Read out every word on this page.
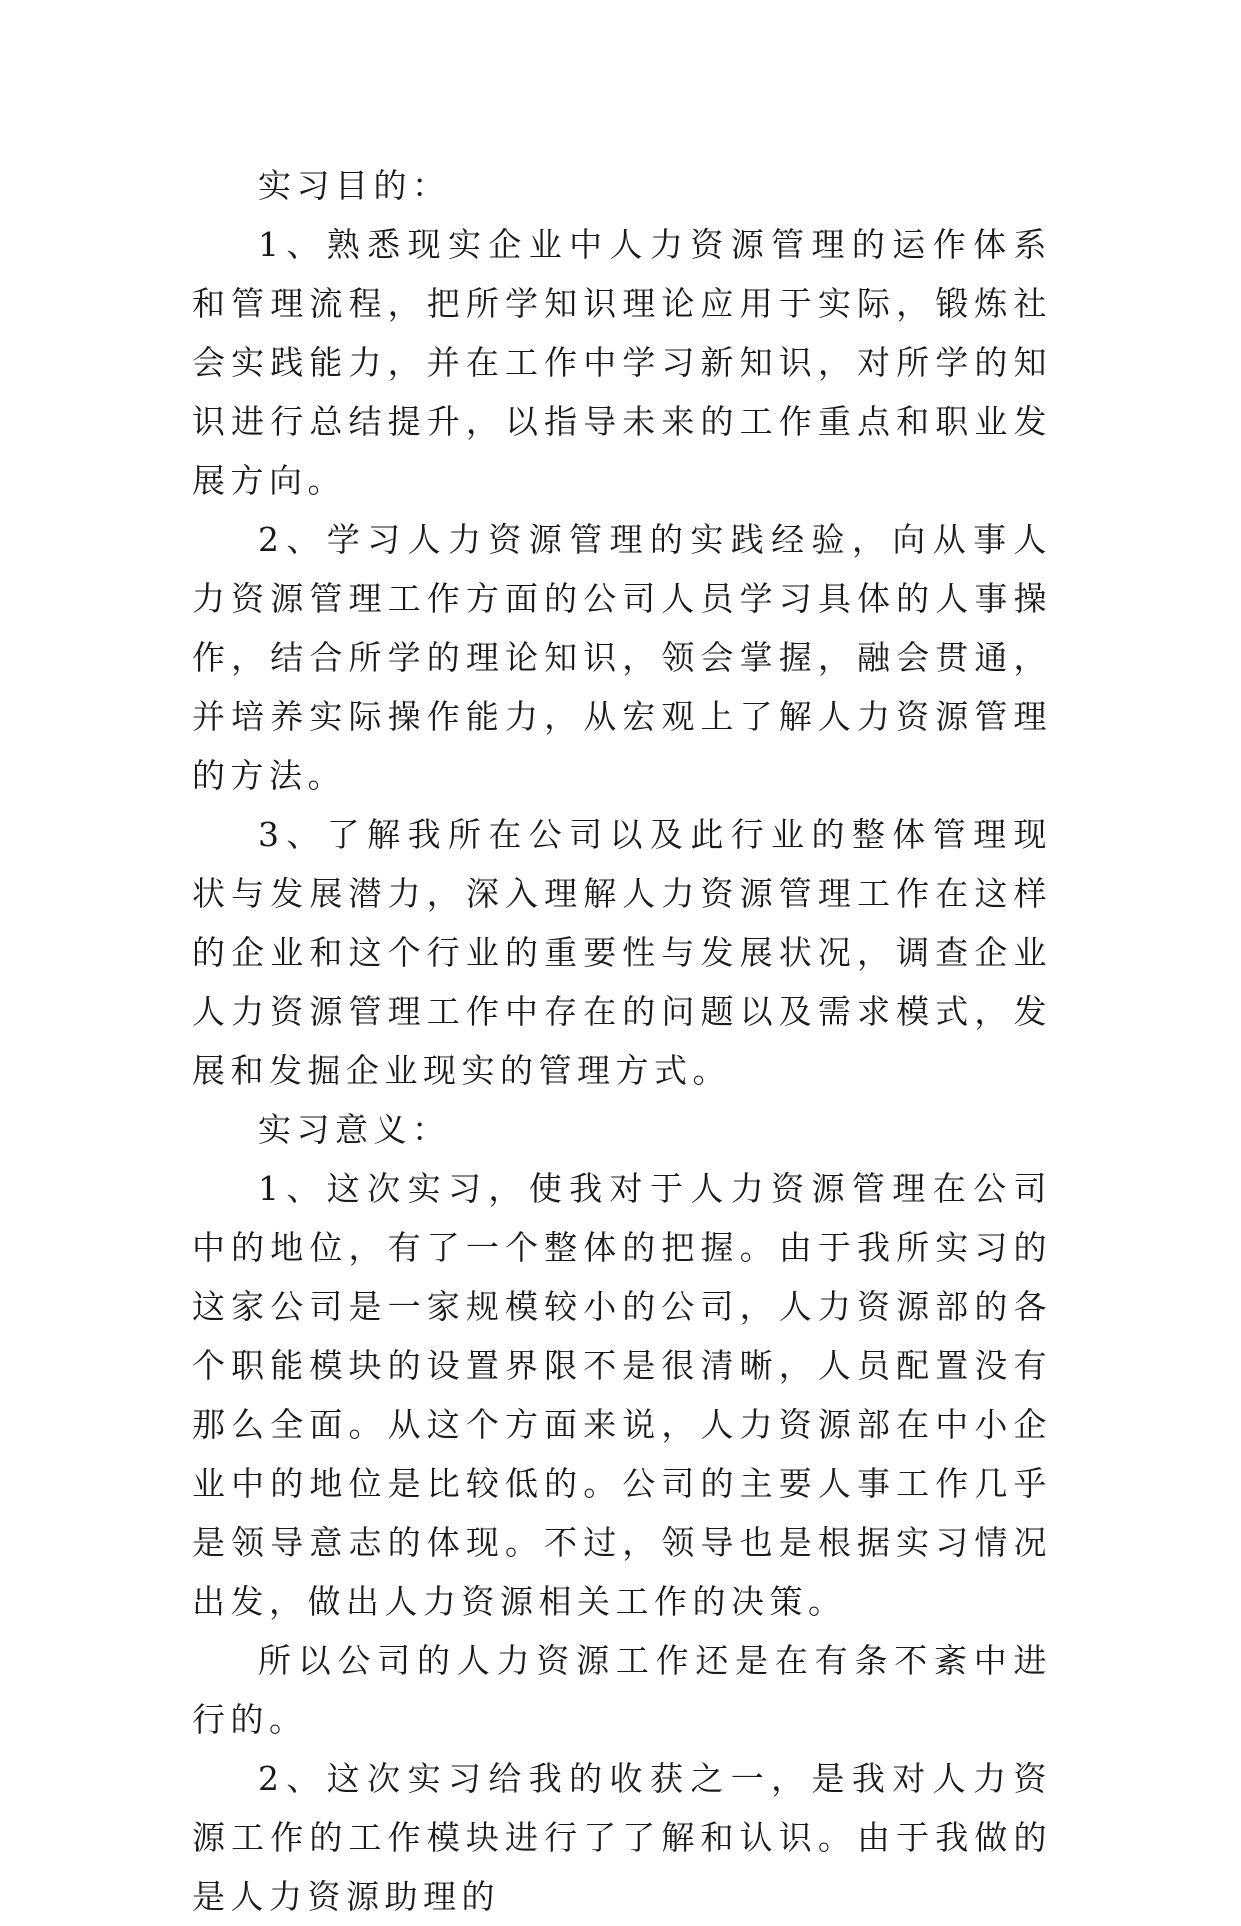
实习目的：

1、熟悉现实企业中人力资源管理的运作体系和管理流程，把所学知识理论应用于实际，锻炼社会实践能力，并在工作中学习新知识，对所学的知识进行总结提升，以指导未来的工作重点和职业发展方向。

2、学习人力资源管理的实践经验，向从事人力资源管理工作方面的公司人员学习具体的人事操作，结合所学的理论知识，领会掌握，融会贯通，并培养实际操作能力，从宏观上了解人力资源管理的方法。

3、了解我所在公司以及此行业的整体管理现状与发展潜力，深入理解人力资源管理工作在这样的企业和这个行业的重要性与发展状况，调查企业人力资源管理工作中存在的问题以及需求模式，发展和发掘企业现实的管理方式。

实习意义：

1、这次实习，使我对于人力资源管理在公司中的地位，有了一个整体的把握。由于我所实习的这家公司是一家规模较小的公司，人力资源部的各个职能模块的设置界限不是很清晰，人员配置没有那么全面。从这个方面来说，人力资源部在中小企业中的地位是比较低的。公司的主要人事工作几乎是领导意志的体现。不过，领导也是根据实习情况出发，做出人力资源相关工作的决策。

所以公司的人力资源工作还是在有条不紊中进行的。

2、这次实习给我的收获之一，是我对人力资源工作的工作模块进行了了解和认识。由于我做的是人力资源助理的
